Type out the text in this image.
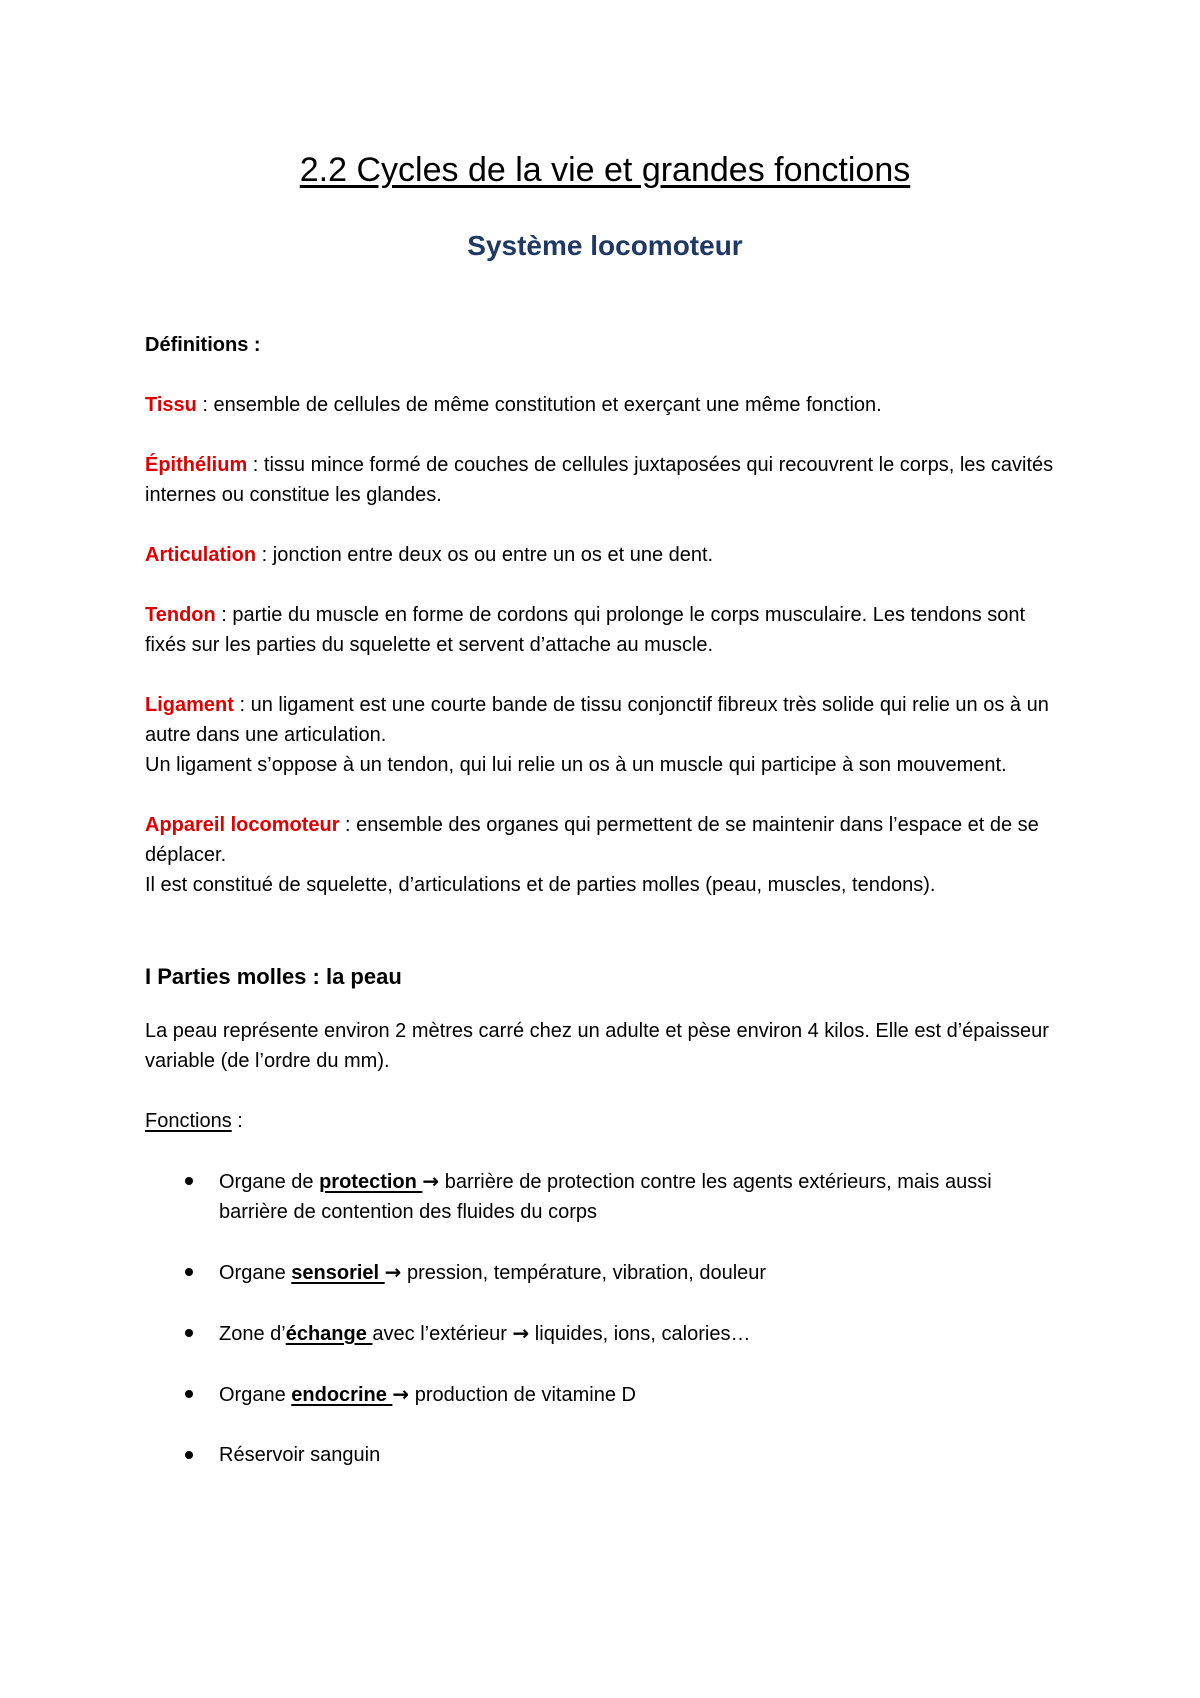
2.2 Cycles de la vie et grandes fonctions
Système locomoteur

Définitions :

Tissu : ensemble de cellules de même constitution et exerçant une même fonction.

Épithélium : tissu mince formé de couches de cellules juxtaposées qui recouvrent le corps, les cavités internes ou constitue les glandes.

Articulation : jonction entre deux os ou entre un os et une dent.

Tendon : partie du muscle en forme de cordons qui prolonge le corps musculaire. Les tendons sont fixés sur les parties du squelette et servent d’attache au muscle.

Ligament : un ligament est une courte bande de tissu conjonctif fibreux très solide qui relie un os à un autre dans une articulation.

Un ligament s’oppose à un tendon, qui lui relie un os à un muscle qui participe à son mouvement.

Appareil locomoteur : ensemble des organes qui permettent de se maintenir dans l’espace et de se déplacer.

Il est constitué de squelette, d’articulations et de parties molles (peau, muscles, tendons).

I Parties molles : la peau

La peau représente environ 2 mètres carré chez un adulte et pèse environ 4 kilos. Elle est d’épaisseur variable (de l’ordre du mm).

Fonctions :

Organe de protection → barrière de protection contre les agents extérieurs, mais aussi barrière de contention des fluides du corps
Organe sensoriel → pression, température, vibration, douleur
Zone d’échange avec l’extérieur → liquides, ions, calories…
Organe endocrine → production de vitamine D
Réservoir sanguin
